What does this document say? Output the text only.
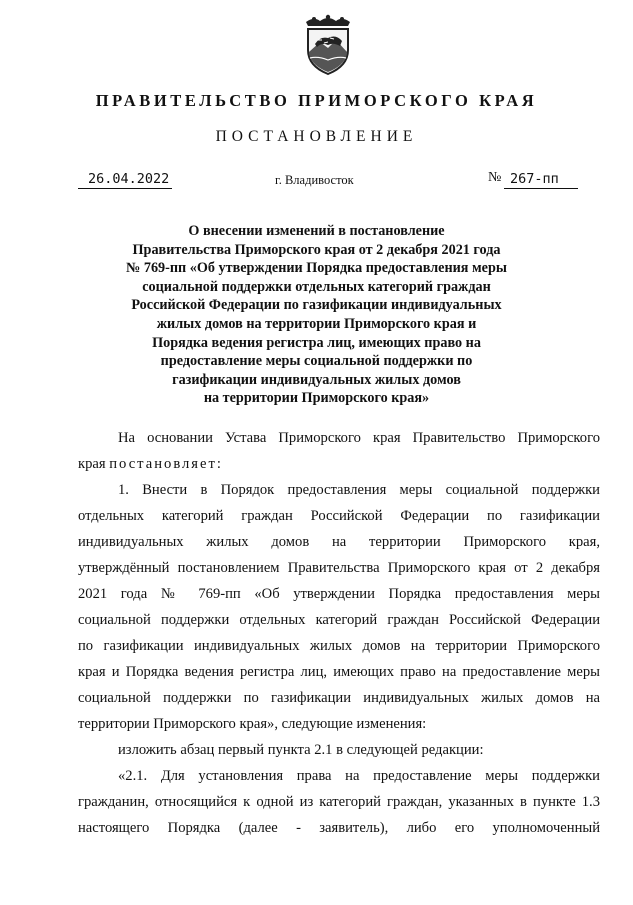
ПРАВИТЕЛЬСТВО ПРИМОРСКОГО КРАЯ
ПОСТАНОВЛЕНИЕ
26.04.2022	г. Владивосток	№ 267-пп
О внесении изменений в постановление
Правительства Приморского края от 2 декабря 2021 года
№ 769-пп «Об утверждении Порядка предоставления меры
социальной поддержки отдельных категорий граждан
Российской Федерации по газификации индивидуальных
жилых домов на территории Приморского края и
Порядка ведения регистра лиц, имеющих право на
предоставление меры социальной поддержки по
газификации индивидуальных жилых домов
на территории Приморского края»
На основании Устава Приморского края Правительство Приморского
края постановляет:
1. Внести в Порядок предоставления меры социальной поддержки
отдельных категорий граждан Российской Федерации по газификации
индивидуальных жилых домов на территории Приморского края,
утверждённый постановлением Правительства Приморского края от 2 декабря
2021 года № 769-пп «Об утверждении Порядка предоставления меры
социальной поддержки отдельных категорий граждан Российской Федерации
по газификации индивидуальных жилых домов на территории Приморского
края и Порядка ведения регистра лиц, имеющих право на предоставление меры
социальной поддержки по газификации индивидуальных жилых домов на
территории Приморского края», следующие изменения:
изложить абзац первый пункта 2.1 в следующей редакции:
«2.1. Для установления права на предоставление меры поддержки
гражданин, относящийся к одной из категорий граждан, указанных в пункте 1.3
настоящего Порядка (далее - заявитель), либо его уполномоченный
